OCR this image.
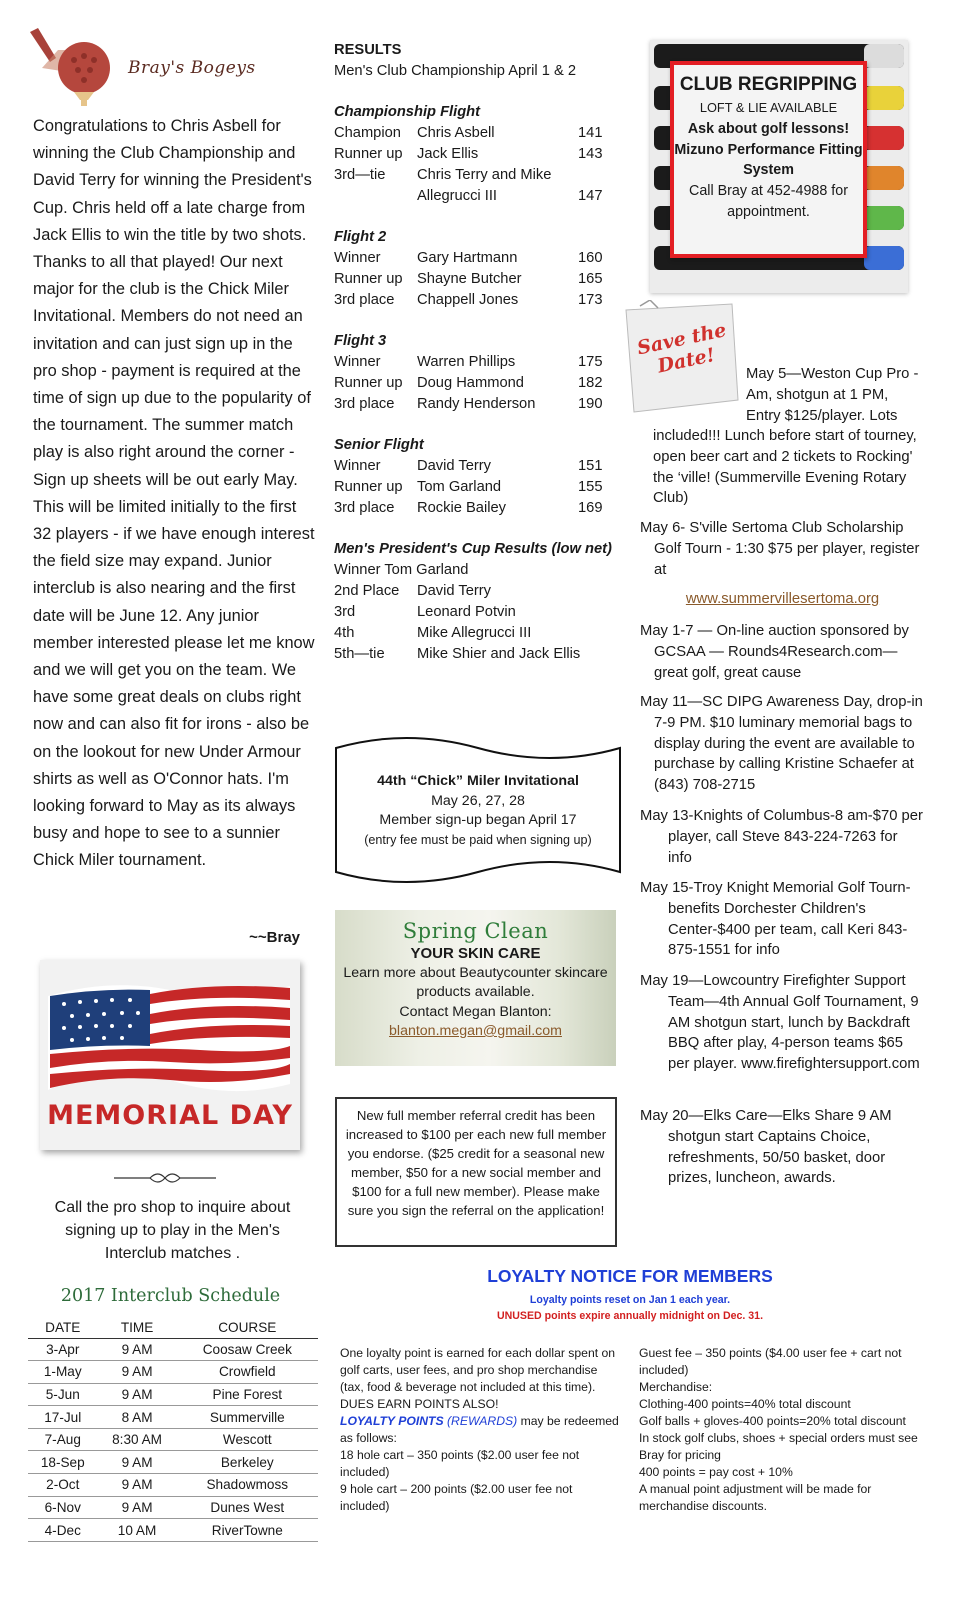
Bray's Bogeys

Congratulations to Chris Asbell for winning the Club Championship and David Terry for winning the President's Cup. Chris held off a late charge from Jack Ellis to win the title by two shots. Thanks to all that played! Our next major for the club is the Chick Miler Invitational. Members do not need an invitation and can just sign up in the pro shop - payment is required at the time of sign up due to the popularity of the tournament. The summer match play is also right around the corner - Sign up sheets will be out early May. This will be limited initially to the first 32 players - if we have enough interest the field size may expand. Junior interclub is also nearing and the first date will be June 12. Any junior member interested please let me know and we will get you on the team. We have some great deals on clubs right now and can also fit for irons - also be on the lookout for new Under Armour shirts as well as O'Connor hats. I'm looking forward to May as its always busy and hope to see to a sunnier Chick Miler tournament.

~~Bray
MEMORIAL DAY
Call the pro shop to inquire about signing up to play in the Men's Interclub matches .
2017 Interclub Schedule
DATE	TIME	COURSE
3-Apr	9 AM	Coosaw Creek
1-May	9 AM	Crowfield
5-Jun	9 AM	Pine Forest
17-Jul	8 AM	Summerville
7-Aug	8:30 AM	Wescott
18-Sep	9 AM	Berkeley
2-Oct	9 AM	Shadowmoss
6-Nov	9 AM	Dunes West
4-Dec	10 AM	RiverTowne
RESULTS
Men's Club Championship April 1 & 2
Championship Flight
Champion Chris Asbell	141
Runner up Jack Ellis	143
3rd—tie Chris Terry and Mike Allegrucci III	147
Flight 2
Winner Gary Hartmann	160
Runner up Shayne Butcher	165
3rd place Chappell Jones	173
Flight 3
Winner Warren Phillips	175
Runner up Doug Hammond	182
3rd place Randy Henderson	190
Senior Flight
Winner David Terry	151
Runner up Tom Garland	155
3rd place Rockie Bailey	169
Men's President's Cup Results (low net)
Winner Tom Garland
2nd Place David Terry
3rd	Leonard Potvin
4th	Mike Allegrucci III
5th—tie Mike Shier and Jack Ellis
44th “Chick” Miler Invitational
May 26, 27, 28
Member sign-up began April 17
(entry fee must be paid when signing up)
Spring Clean
YOUR SKIN CARE
Learn more about Beautycounter skincare products available.
Contact Megan Blanton:
blanton.megan@gmail.com
New full member referral credit has been increased to $100 per each new full member you endorse. ($25 credit for a seasonal new member, $50 for a new social member and $100 for a full new member). Please make sure you sign the referral on the application!
CLUB REGRIPPING
LOFT & LIE AVAILABLE
Ask about golf lessons!
Mizuno Performance Fitting System
Call Bray at 452-4988 for appointment.
Save the Date!	May 5—Weston Cup Pro -Am, shotgun at 1 PM, Entry $125/player. Lots
included!!! Lunch before start of tourney, open beer cart and 2 tickets to Rocking' the ‘ville! (Summerville Evening Rotary Club)
May 6- S'ville Sertoma Club Scholarship Golf Tourn - 1:30 $75 per player, register at
www.summervillesertoma.org
May 1-7 — On-line auction sponsored by GCSAA — Rounds4Research.com— great golf, great cause
May 11—SC DIPG Awareness Day, drop-in 7-9 PM. $10 luminary memorial bags to display during the event are available to purchase by calling Kristine Schaefer at (843) 708-2715
May 13-Knights of Columbus-8 am-$70 per player, call Steve 843-224-7263 for info
May 15-Troy Knight Memorial Golf Tourn-benefits Dorchester Children's Center-$400 per team, call Keri 843-875-1551 for info
May 19—Lowcountry Firefighter Support Team—4th Annual Golf Tournament, 9 AM shotgun start, lunch by Backdraft BBQ after play, 4-person teams $65 per player. www.firefightersupport.com
May 20—Elks Care—Elks Share 9 AM shotgun start Captains Choice, refreshments, 50/50 basket, door prizes, luncheon, awards.
LOYALTY NOTICE FOR MEMBERS
Loyalty points reset on Jan 1 each year.
UNUSED points expire annually midnight on Dec. 31.
One loyalty point is earned for each dollar spent on golf carts, user fees, and pro shop merchandise (tax, food & beverage not included at this time). DUES EARN POINTS ALSO!
LOYALTY POINTS (REWARDS) may be redeemed as follows:
18 hole cart – 350 points ($2.00 user fee not included)
9 hole cart – 200 points ($2.00 user fee not included)
Guest fee – 350 points ($4.00 user fee + cart not included)
Merchandise:
Clothing-400 points=40% total discount
Golf balls + gloves-400 points=20% total discount
In stock golf clubs, shoes + special orders must see Bray for pricing
400 points = pay cost + 10%
A manual point adjustment will be made for merchandise discounts.
